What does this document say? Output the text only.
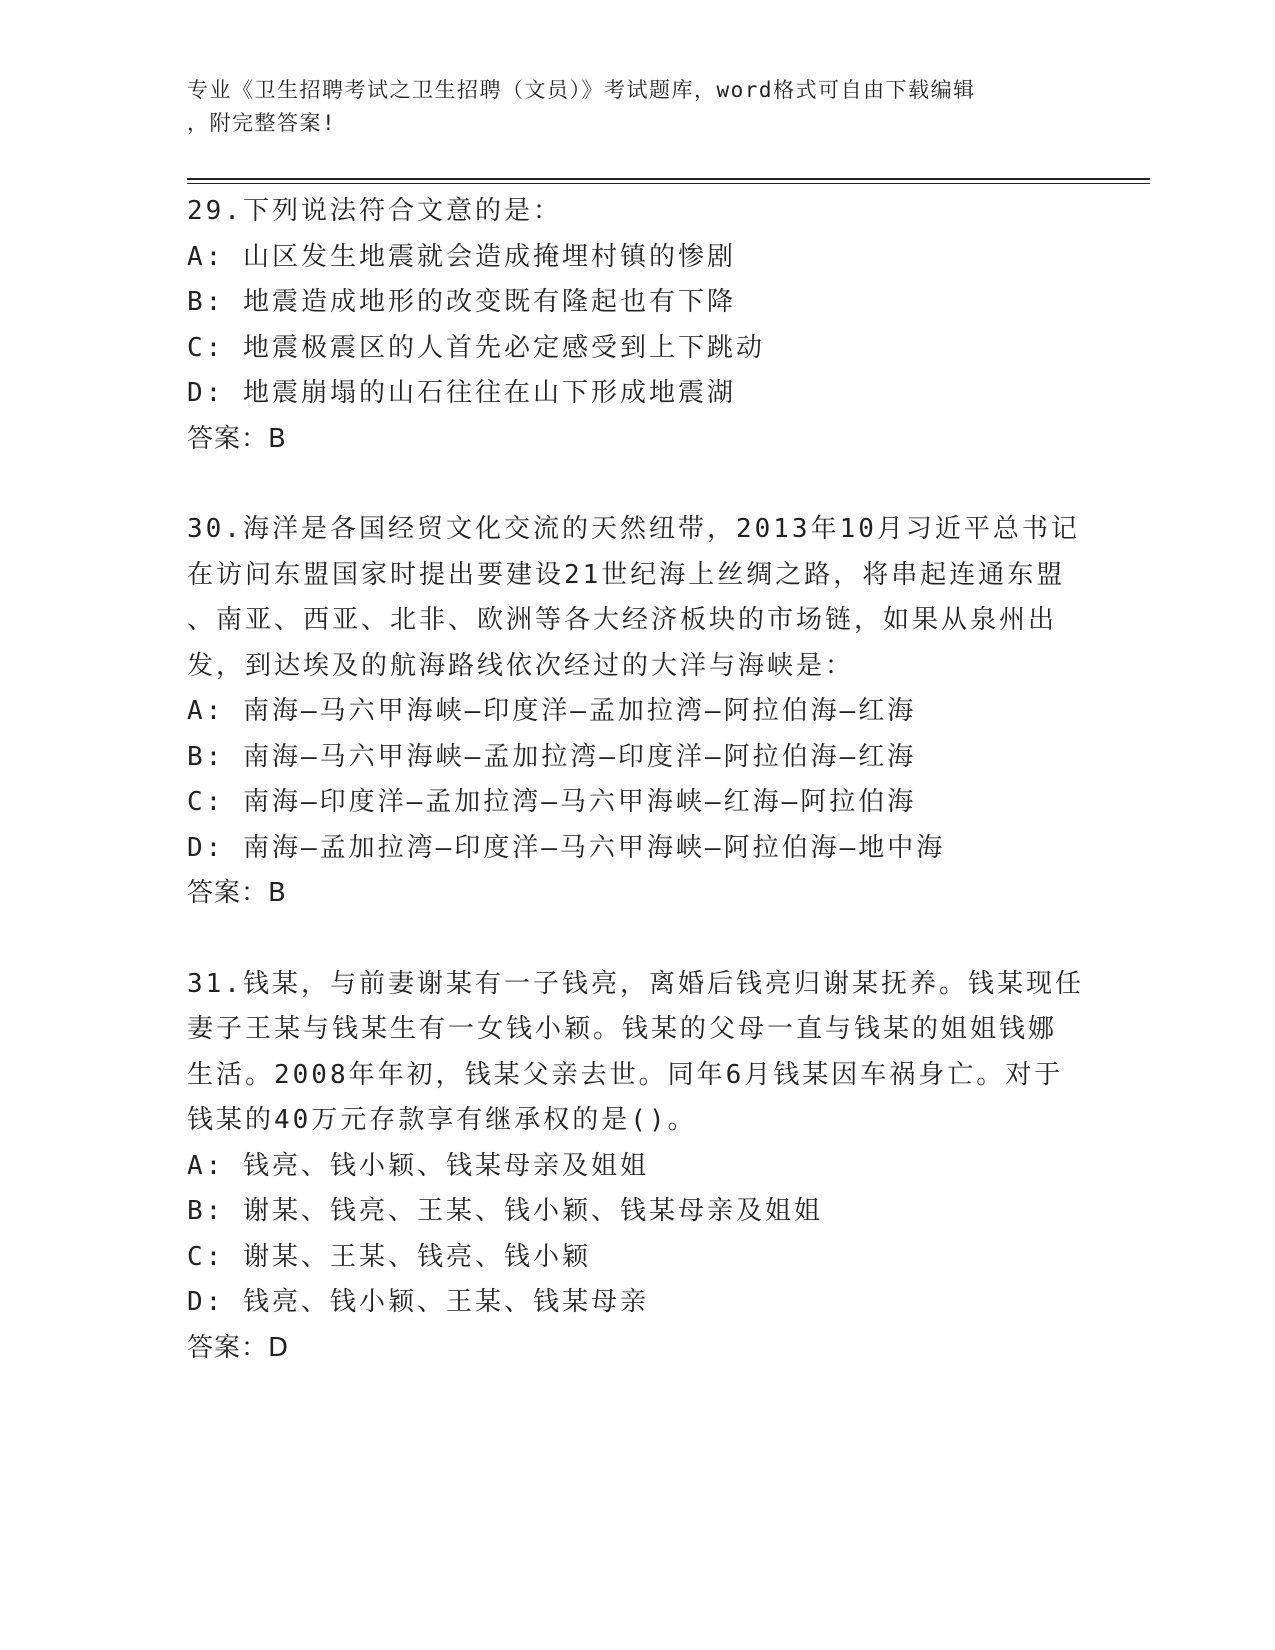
专业《卫生招聘考试之卫生招聘（文员）》考试题库，word格式可自由下载编辑
，附完整答案!
29.下列说法符合文意的是：
A: 山区发生地震就会造成掩埋村镇的惨剧
B: 地震造成地形的改变既有隆起也有下降
C: 地震极震区的人首先必定感受到上下跳动
D: 地震崩塌的山石往往在山下形成地震湖
答案：B
30.海洋是各国经贸文化交流的天然纽带，2013年10月习近平总书记
在访问东盟国家时提出要建设21世纪海上丝绸之路，将串起连通东盟
、南亚、西亚、北非、欧洲等各大经济板块的市场链，如果从泉州出
发，到达埃及的航海路线依次经过的大洋与海峡是：
A: 南海—马六甲海峡—印度洋—孟加拉湾—阿拉伯海—红海
B: 南海—马六甲海峡—孟加拉湾—印度洋—阿拉伯海—红海
C: 南海—印度洋—孟加拉湾—马六甲海峡—红海—阿拉伯海
D: 南海—孟加拉湾—印度洋—马六甲海峡—阿拉伯海—地中海
答案：B
31.钱某，与前妻谢某有一子钱亮，离婚后钱亮归谢某抚养。钱某现任
妻子王某与钱某生有一女钱小颖。钱某的父母一直与钱某的姐姐钱娜
生活。2008年年初，钱某父亲去世。同年6月钱某因车祸身亡。对于
钱某的40万元存款享有继承权的是()。
A: 钱亮、钱小颖、钱某母亲及姐姐
B: 谢某、钱亮、王某、钱小颖、钱某母亲及姐姐
C: 谢某、王某、钱亮、钱小颖
D: 钱亮、钱小颖、王某、钱某母亲
答案：D
